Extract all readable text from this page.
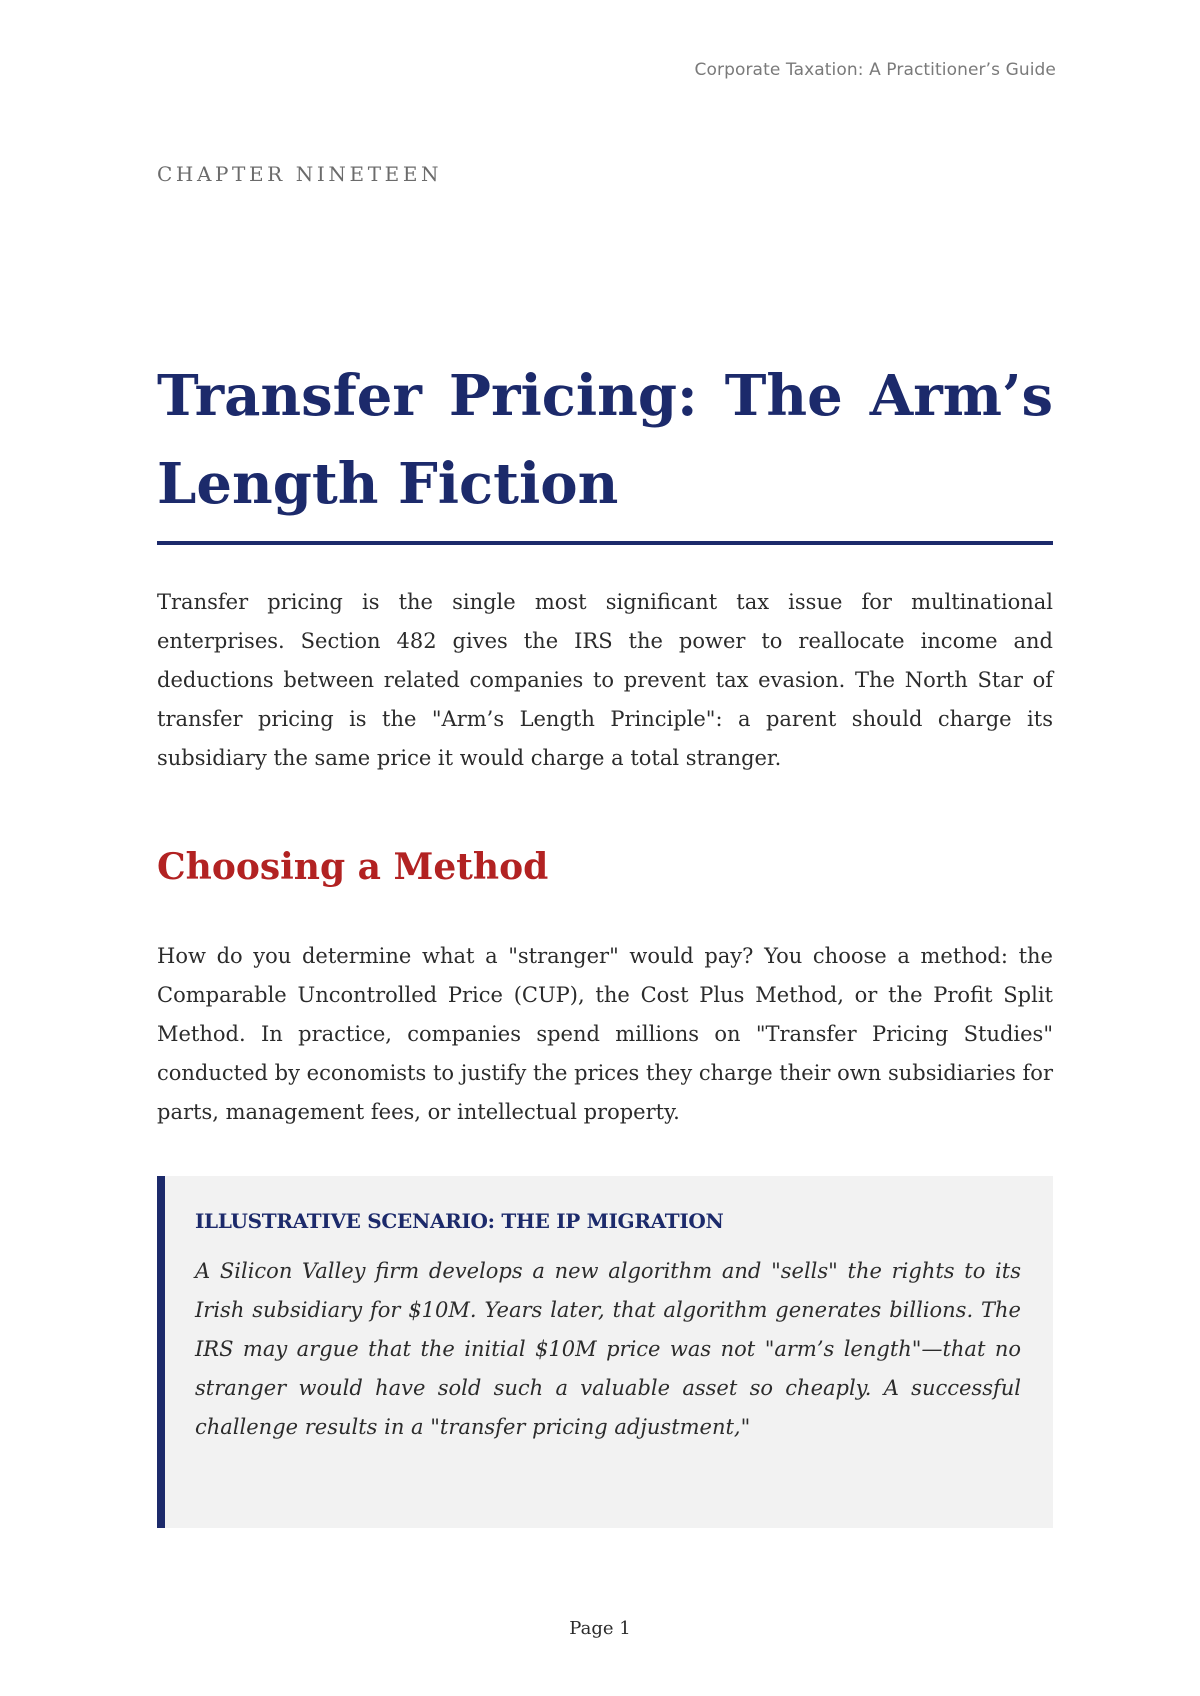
Corporate Taxation: A Practitioner’s Guide
CHAPTER NINETEEN
Transfer Pricing: The Arm’s Length Fiction

Transfer pricing is the single most significant tax issue for multinational enterprises. Section 482 gives the IRS the power to reallocate income and deductions between related companies to prevent tax evasion. The North Star of transfer pricing is the "Arm’s Length Principle": a parent should charge its subsidiary the same price it would charge a total stranger.

Choosing a Method

How do you determine what a "stranger" would pay? You choose a method: the Comparable Uncontrolled Price (CUP), the Cost Plus Method, or the Profit Split Method. In practice, companies spend millions on "Transfer Pricing Studies" conducted by economists to justify the prices they charge their own subsidiaries for parts, management fees, or intellectual property.

ILLUSTRATIVE SCENARIO: THE IP MIGRATION

A Silicon Valley firm develops a new algorithm and "sells" the rights to its Irish subsidiary for $10M. Years later, that algorithm generates billions. The IRS may argue that the initial $10M price was not "arm’s length"—that no stranger would have sold such a valuable asset so cheaply. A successful challenge results in a "transfer pricing adjustment,"

Page 1
